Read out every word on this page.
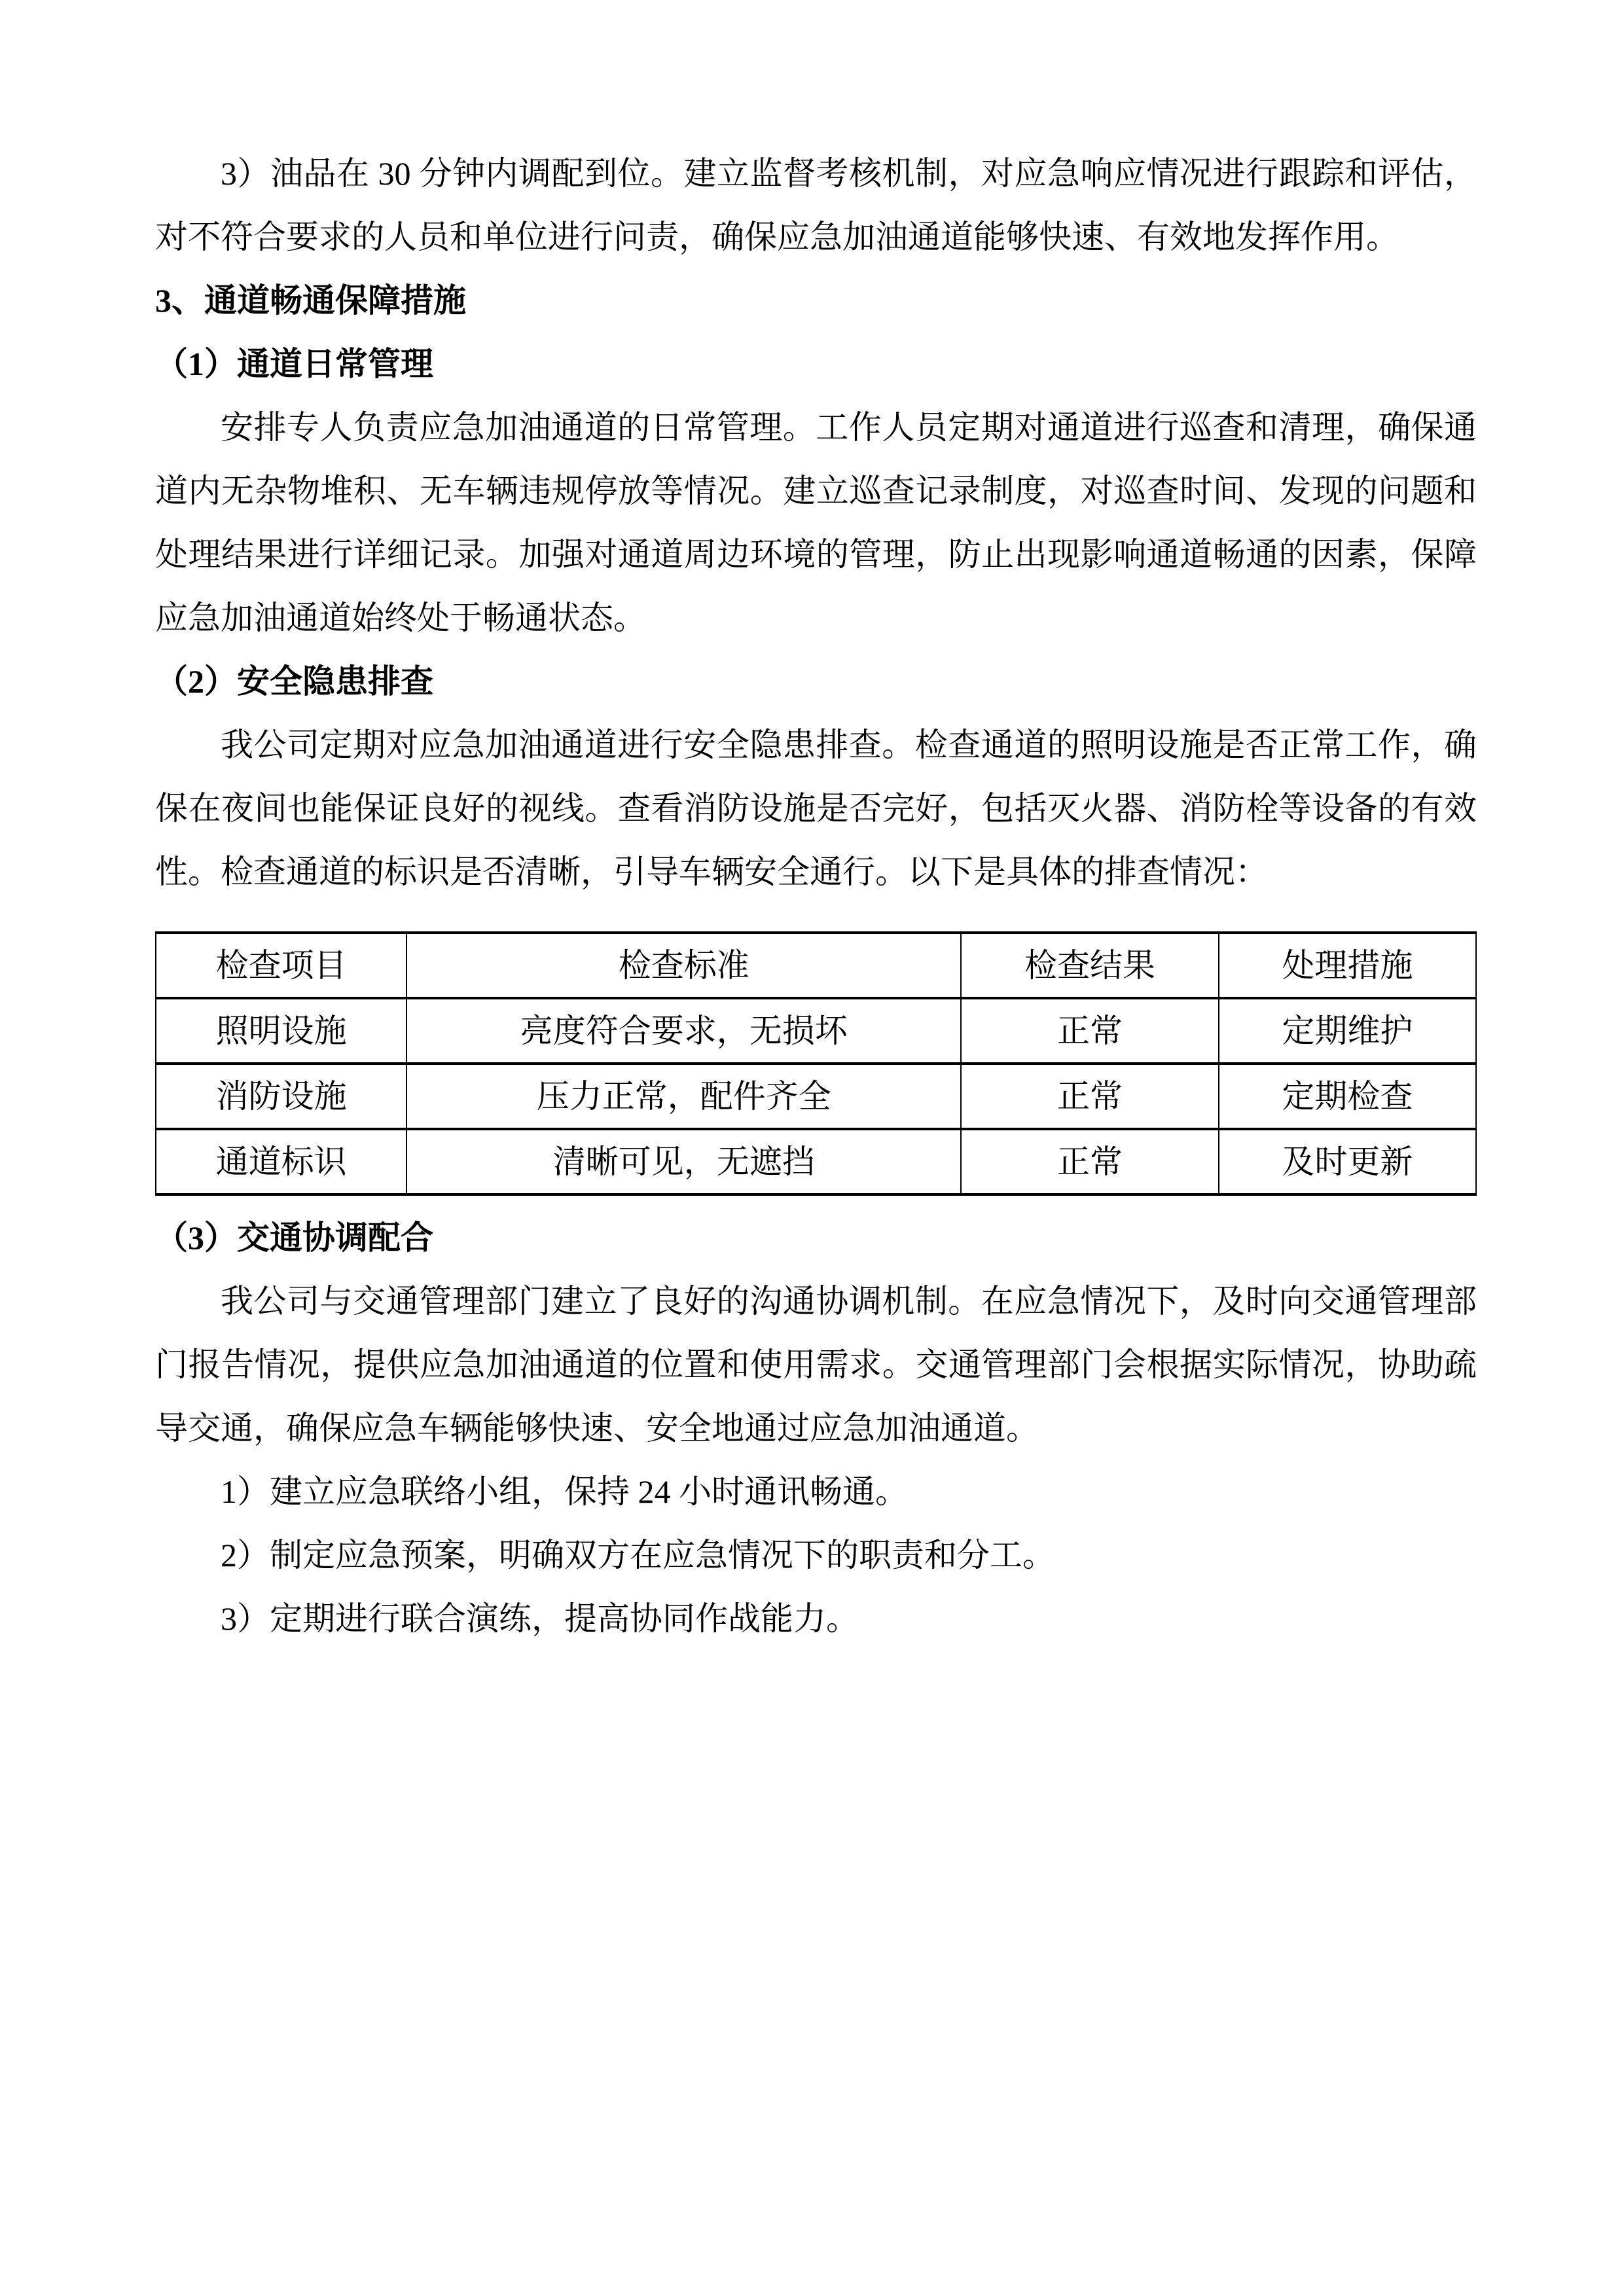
3）油品在 30 分钟内调配到位。建立监督考核机制，对应急响应情况进行跟踪和评估，对不符合要求的人员和单位进行问责，确保应急加油通道能够快速、有效地发挥作用。

3、通道畅通保障措施

（1）通道日常管理

安排专人负责应急加油通道的日常管理。工作人员定期对通道进行巡查和清理，确保通道内无杂物堆积、无车辆违规停放等情况。建立巡查记录制度，对巡查时间、发现的问题和处理结果进行详细记录。加强对通道周边环境的管理，防止出现影响通道畅通的因素，保障应急加油通道始终处于畅通状态。

（2）安全隐患排查

我公司定期对应急加油通道进行安全隐患排查。检查通道的照明设施是否正常工作，确保在夜间也能保证良好的视线。查看消防设施是否完好，包括灭火器、消防栓等设备的有效性。检查通道的标识是否清晰，引导车辆安全通行。以下是具体的排查情况：

检查项目	检查标准	检查结果	处理措施
照明设施	亮度符合要求，无损坏	正常	定期维护
消防设施	压力正常，配件齐全	正常	定期检查
通道标识	清晰可见，无遮挡	正常	及时更新

（3）交通协调配合

我公司与交通管理部门建立了良好的沟通协调机制。在应急情况下，及时向交通管理部门报告情况，提供应急加油通道的位置和使用需求。交通管理部门会根据实际情况，协助疏导交通，确保应急车辆能够快速、安全地通过应急加油通道。

1）建立应急联络小组，保持 24 小时通讯畅通。

2）制定应急预案，明确双方在应急情况下的职责和分工。

3）定期进行联合演练，提高协同作战能力。
